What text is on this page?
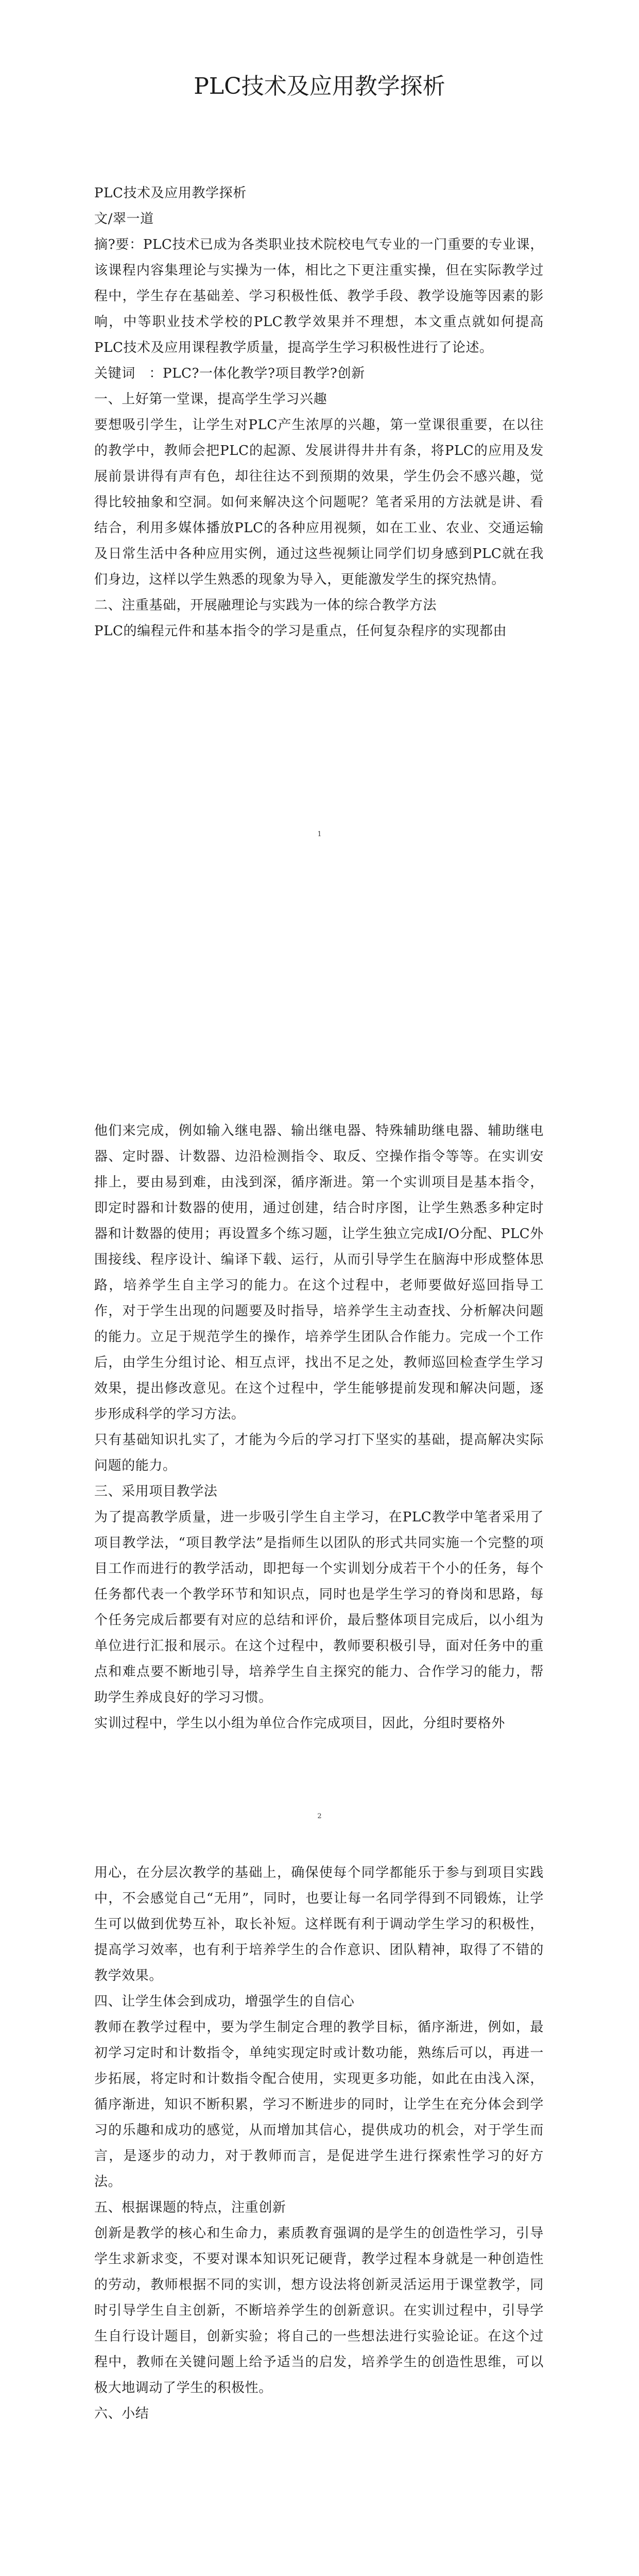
PLC技术及应用教学探析

PLC技术及应用教学探析

文/翠一道

摘?要：PLC技术已成为各类职业技术院校电气专业的一门重要的专业课，该课程内容集理论与实操为一体，相比之下更注重实操，但在实际教学过程中，学生存在基础差、学习积极性低、教学手段、教学设施等因素的影响，中等职业技术学校的PLC教学效果并不理想，本文重点就如何提高PLC技术及应用课程教学质量，提高学生学习积极性进行了论述。

关键词　：PLC?一体化教学?项目教学?创新

一、上好第一堂课，提高学生学习兴趣

要想吸引学生，让学生对PLC产生浓厚的兴趣，第一堂课很重要，在以往的教学中，教师会把PLC的起源、发展讲得井井有条，将PLC的应用及发展前景讲得有声有色，却往往达不到预期的效果，学生仍会不感兴趣，觉得比较抽象和空洞。如何来解决这个问题呢？笔者采用的方法就是讲、看结合，利用多媒体播放PLC的各种应用视频，如在工业、农业、交通运输及日常生活中各种应用实例，通过这些视频让同学们切身感到PLC就在我们身边，这样以学生熟悉的现象为导入，更能激发学生的探究热情。

二、注重基础，开展融理论与实践为一体的综合教学方法

PLC的编程元件和基本指令的学习是重点，任何复杂程序的实现都由

1

他们来完成，例如输入继电器、输出继电器、特殊辅助继电器、辅助继电器、定时器、计数器、边沿检测指令、取反、空操作指令等等。在实训安排上，要由易到难，由浅到深，循序渐进。第一个实训项目是基本指令，即定时器和计数器的使用，通过创建，结合时序图，让学生熟悉多种定时器和计数器的使用；再设置多个练习题，让学生独立完成I/O分配、PLC外围接线、程序设计、编译下载、运行，从而引导学生在脑海中形成整体思路，培养学生自主学习的能力。在这个过程中，老师要做好巡回指导工作，对于学生出现的问题要及时指导，培养学生主动查找、分析解决问题的能力。立足于规范学生的操作，培养学生团队合作能力。完成一个工作后，由学生分组讨论、相互点评，找出不足之处，教师巡回检查学生学习效果，提出修改意见。在这个过程中，学生能够提前发现和解决问题，逐步形成科学的学习方法。

只有基础知识扎实了，才能为今后的学习打下坚实的基础，提高解决实际问题的能力。

三、采用项目教学法

为了提高教学质量，进一步吸引学生自主学习，在PLC教学中笔者采用了项目教学法，“项目教学法”是指师生以团队的形式共同实施一个完整的项目工作而进行的教学活动，即把每一个实训划分成若干个小的任务，每个任务都代表一个教学环节和知识点，同时也是学生学习的脊岗和思路，每个任务完成后都要有对应的总结和评价，最后整体项目完成后，以小组为单位进行汇报和展示。在这个过程中，教师要积极引导，面对任务中的重点和难点要不断地引导，培养学生自主探究的能力、合作学习的能力，帮助学生养成良好的学习习惯。

实训过程中，学生以小组为单位合作完成项目，因此，分组时要格外

2

用心，在分层次教学的基础上，确保使每个同学都能乐于参与到项目实践中，不会感觉自己“无用”，同时，也要让每一名同学得到不同锻炼，让学生可以做到优势互补，取长补短。这样既有利于调动学生学习的积极性，提高学习效率，也有利于培养学生的合作意识、团队精神，取得了不错的教学效果。

四、让学生体会到成功，增强学生的自信心

教师在教学过程中，要为学生制定合理的教学目标，循序渐进，例如，最初学习定时和计数指令，单纯实现定时或计数功能，熟练后可以，再进一步拓展，将定时和计数指令配合使用，实现更多功能，如此在由浅入深，循序渐进，知识不断积累，学习不断进步的同时，让学生在充分体会到学习的乐趣和成功的感觉，从而增加其信心，提供成功的机会，对于学生而言，是逐步的动力，对于教师而言，是促进学生进行探索性学习的好方法。

五、根据课题的特点，注重创新

创新是教学的核心和生命力，素质教育强调的是学生的创造性学习，引导学生求新求变，不要对课本知识死记硬背，教学过程本身就是一种创造性的劳动，教师根据不同的实训，想方设法将创新灵活运用于课堂教学，同时引导学生自主创新，不断培养学生的创新意识。在实训过程中，引导学生自行设计题目，创新实验；将自己的一些想法进行实验论证。在这个过程中，教师在关键问题上给予适当的启发，培养学生的创造性思维，可以极大地调动了学生的积极性。

六、小结
